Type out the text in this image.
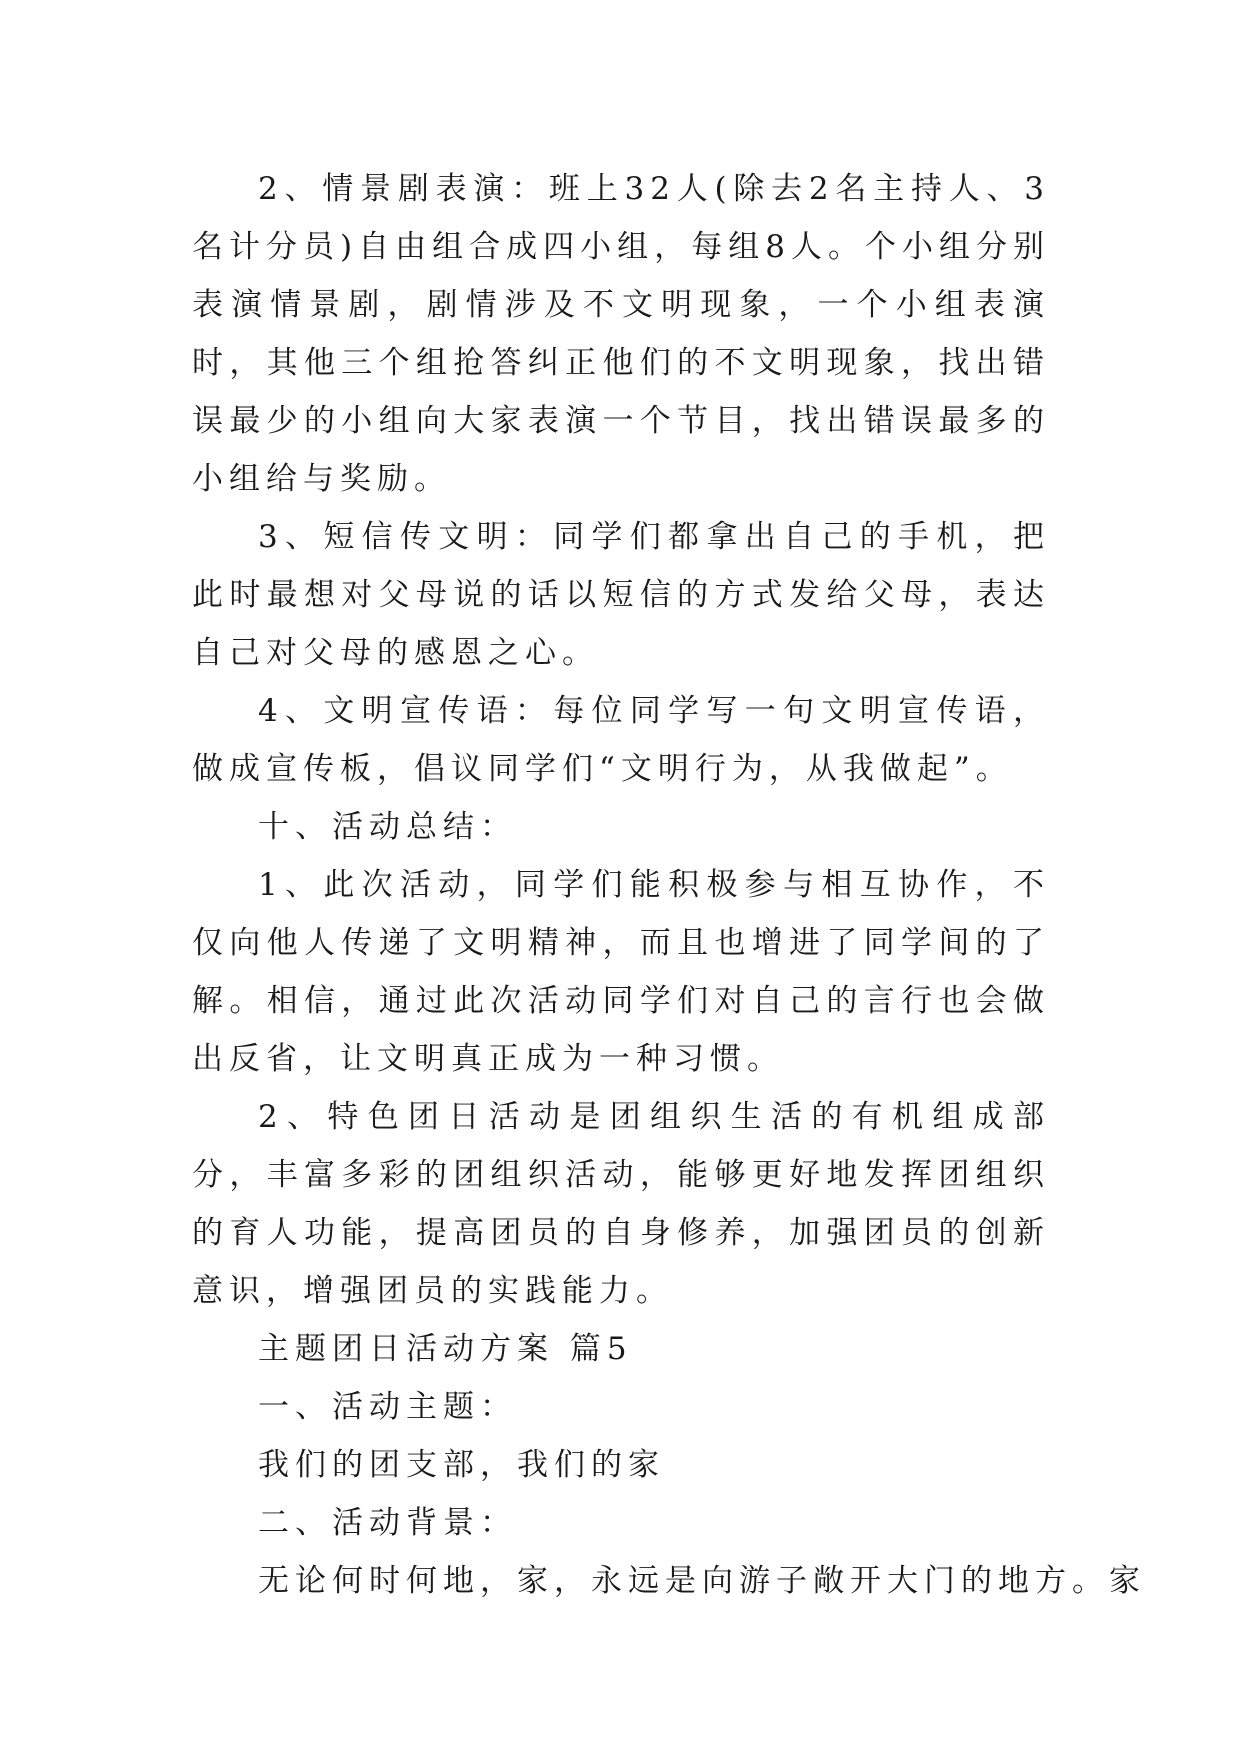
2、情景剧表演：班上32人(除去2名主持人、3名计分员)自由组合成四小组，每组8人。个小组分别表演情景剧，剧情涉及不文明现象，一个小组表演时，其他三个组抢答纠正他们的不文明现象，找出错误最少的小组向大家表演一个节目，找出错误最多的小组给与奖励。

3、短信传文明：同学们都拿出自己的手机，把此时最想对父母说的话以短信的方式发给父母，表达自己对父母的感恩之心。

4、文明宣传语：每位同学写一句文明宣传语，做成宣传板，倡议同学们“文明行为，从我做起”。

十、活动总结：

1、此次活动，同学们能积极参与相互协作，不仅向他人传递了文明精神，而且也增进了同学间的了解。相信，通过此次活动同学们对自己的言行也会做出反省，让文明真正成为一种习惯。

2、特色团日活动是团组织生活的有机组成部分，丰富多彩的团组织活动，能够更好地发挥团组织的育人功能，提高团员的自身修养，加强团员的创新意识，增强团员的实践能力。

主题团日活动方案 篇5

一、活动主题：

我们的团支部，我们的家

二、活动背景：

无论何时何地，家，永远是向游子敞开大门的地方。家
